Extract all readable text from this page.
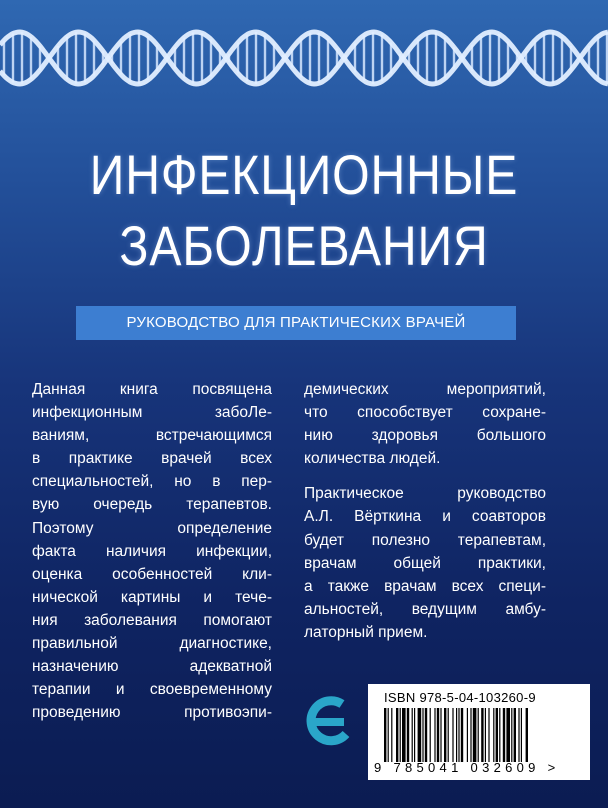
ИНФЕКЦИОННЫЕ
ЗАБОЛЕВАНИЯ
РУКОВОДСТВО ДЛЯ ПРАКТИЧЕСКИХ ВРАЧЕЙ
Данная книга посвящена
инфекционным забоЛе-
ваниям, встречающимся
в практике врачей всех
специальностей, но в пер-
вую очередь терапевтов.
Поэтому определение
факта наличия инфекции,
оценка особенностей кли-
нической картины и тече-
ния заболевания помогают
правильной диагностике,
назначению адекватной
терапии и своевременному
проведению противоэпи-
демических мероприятий,
что способствует сохране-
нию здоровья большого
количества людей.
Практическое руководство
А.Л. Вёрткина и соавторов
будет полезно терапевтам,
врачам общей практики,
а также врачам всех специ-
альностей, ведущим амбу-
латорный прием.
ISBN 978-5-04-103260-9
9 785041 032609 >
